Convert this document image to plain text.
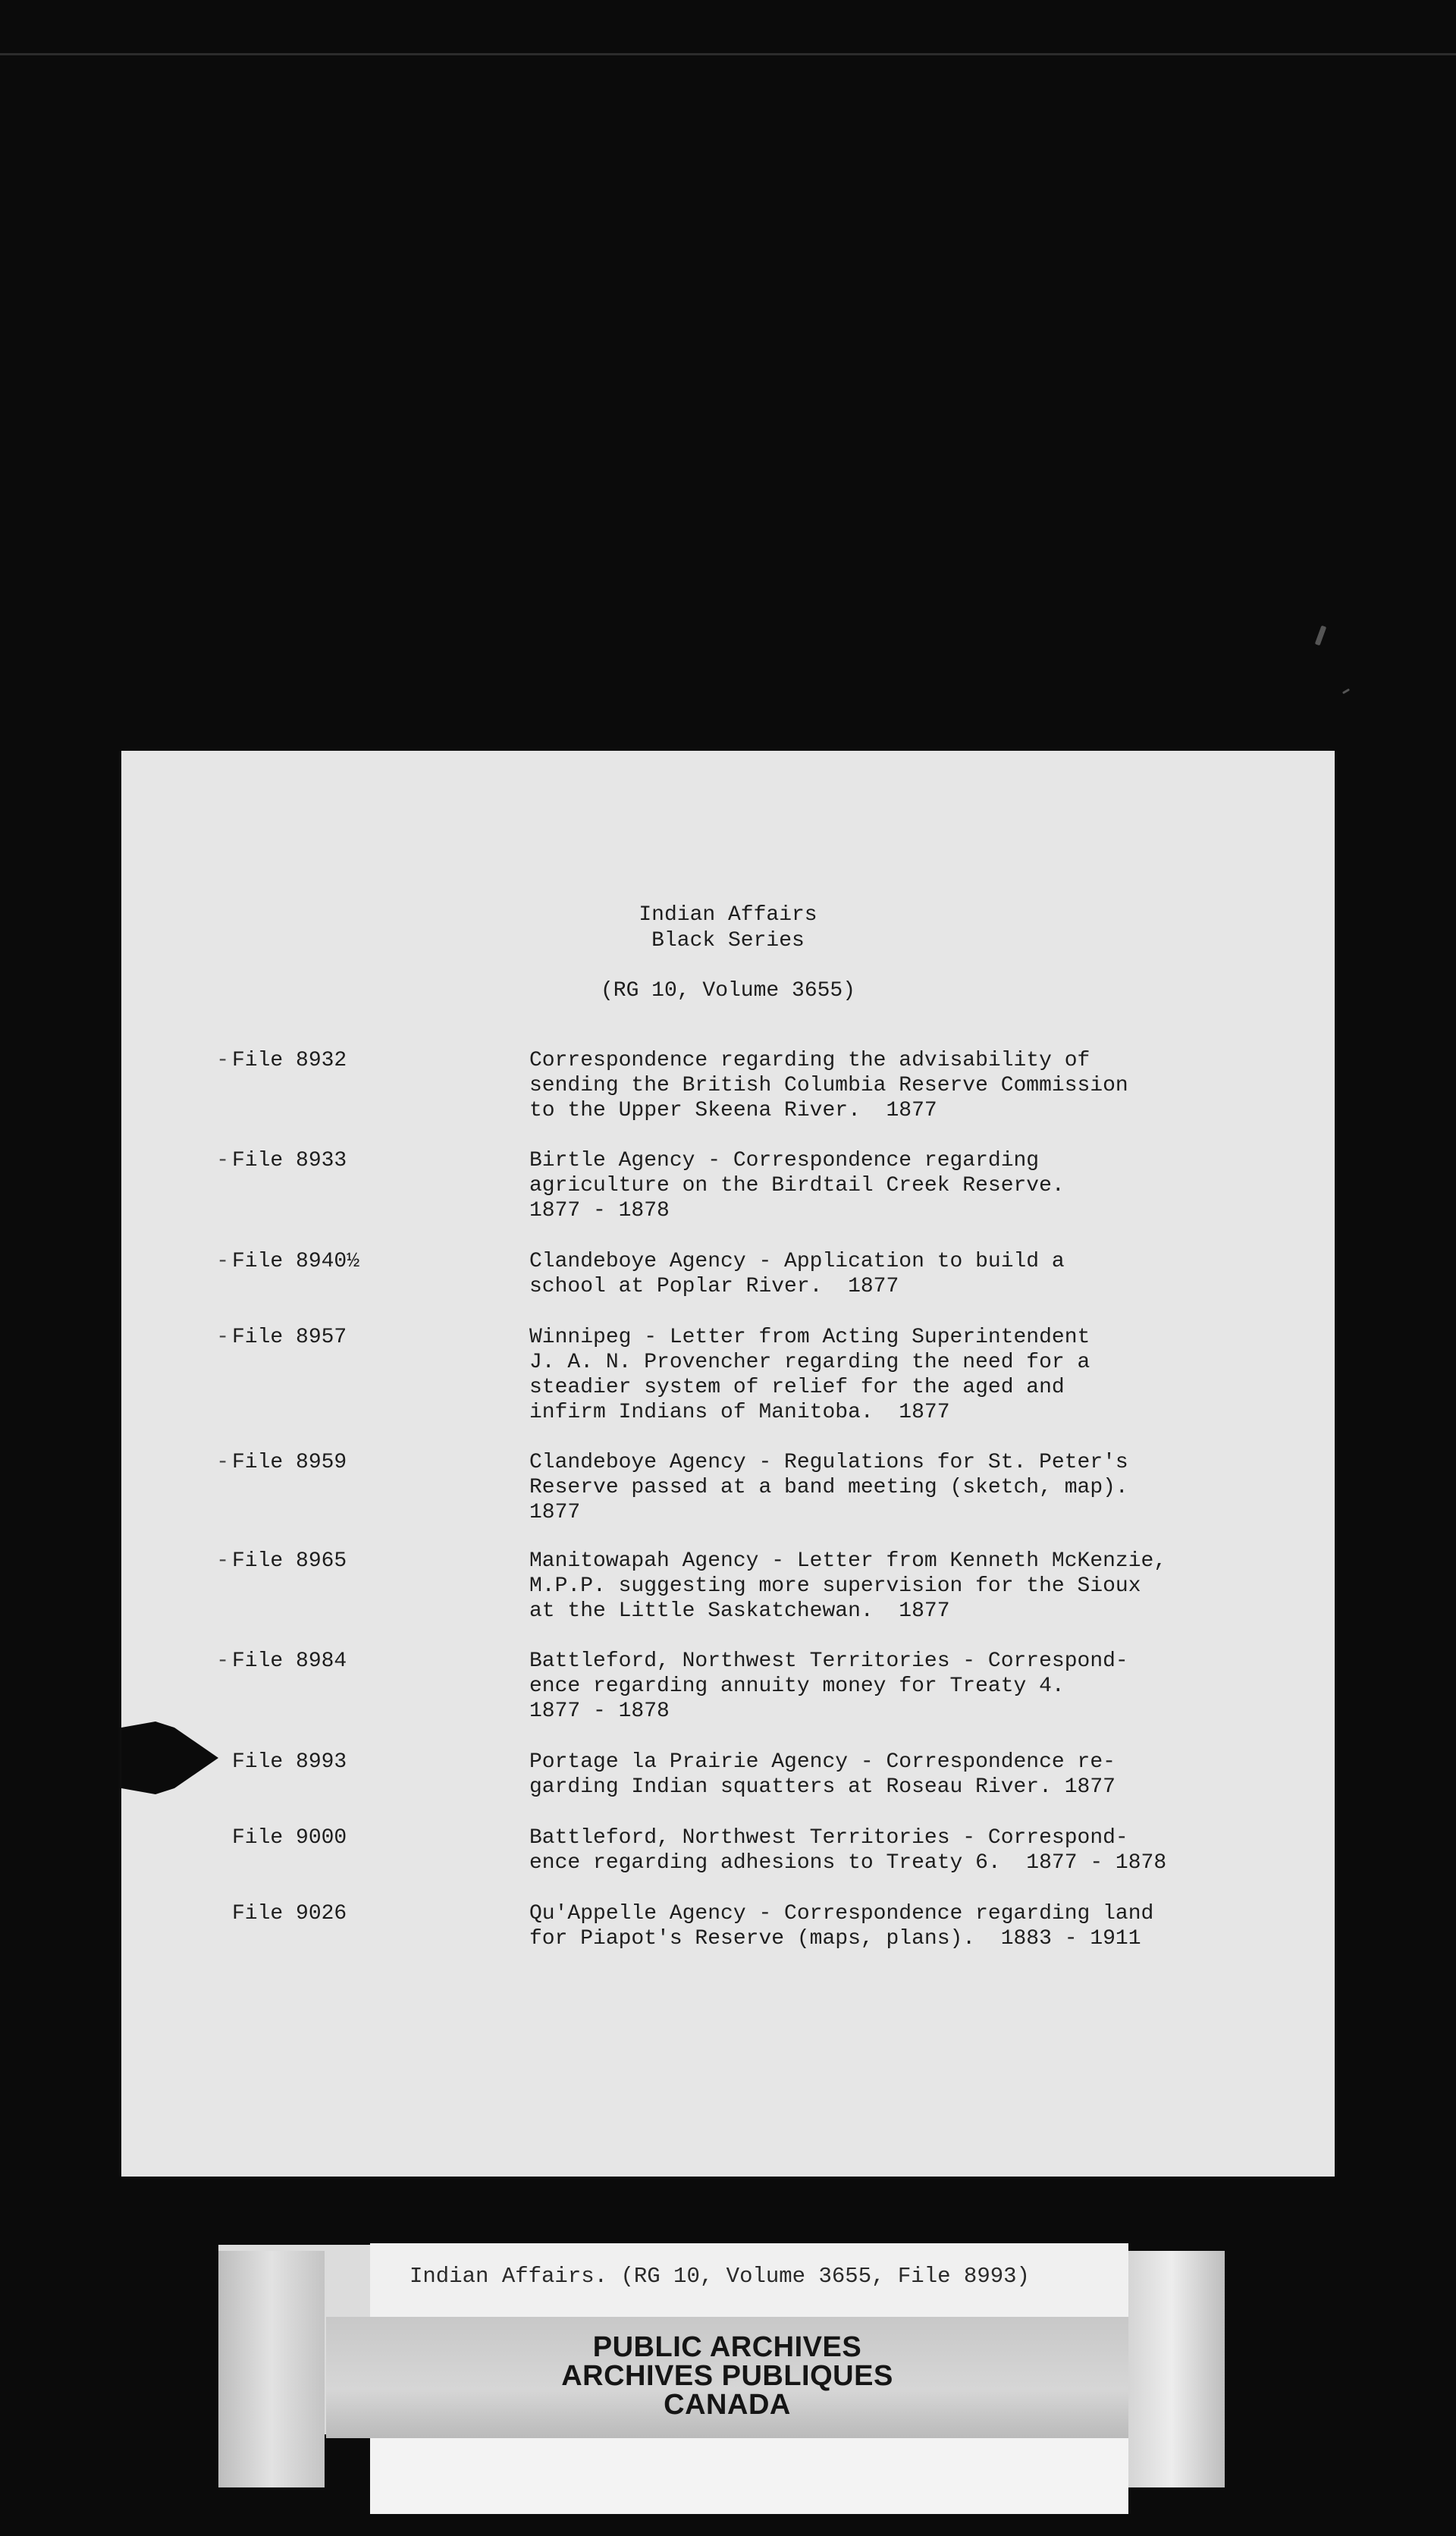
Indian Affairs
Black Series
(RG 10, Volume 3655)
- File 8932	Correspondence regarding the advisability of
sending the British Columbia Reserve Commission
to the Upper Skeena River.  1877
- File 8933	Birtle Agency - Correspondence regarding
agriculture on the Birdtail Creek Reserve.
1877 - 1878
- File 8940½	Clandeboye Agency - Application to build a
school at Poplar River.  1877
- File 8957	Winnipeg - Letter from Acting Superintendent
J. A. N. Provencher regarding the need for a
steadier system of relief for the aged and
infirm Indians of Manitoba.  1877
- File 8959	Clandeboye Agency - Regulations for St. Peter's
Reserve passed at a band meeting (sketch, map).
1877
- File 8965	Manitowapah Agency - Letter from Kenneth McKenzie,
M.P.P. suggesting more supervision for the Sioux
at the Little Saskatchewan.  1877
- File 8984	Battleford, Northwest Territories - Correspond-
ence regarding annuity money for Treaty 4.
1877 - 1878
File 8993	Portage la Prairie Agency - Correspondence re-
garding Indian squatters at Roseau River. 1877
File 9000	Battleford, Northwest Territories - Correspond-
ence regarding adhesions to Treaty 6.  1877 - 1878
File 9026	Qu'Appelle Agency - Correspondence regarding land
for Piapot's Reserve (maps, plans).  1883 - 1911
Indian Affairs. (RG 10, Volume 3655, File 8993)
PUBLIC ARCHIVES
ARCHIVES PUBLIQUES
CANADA
